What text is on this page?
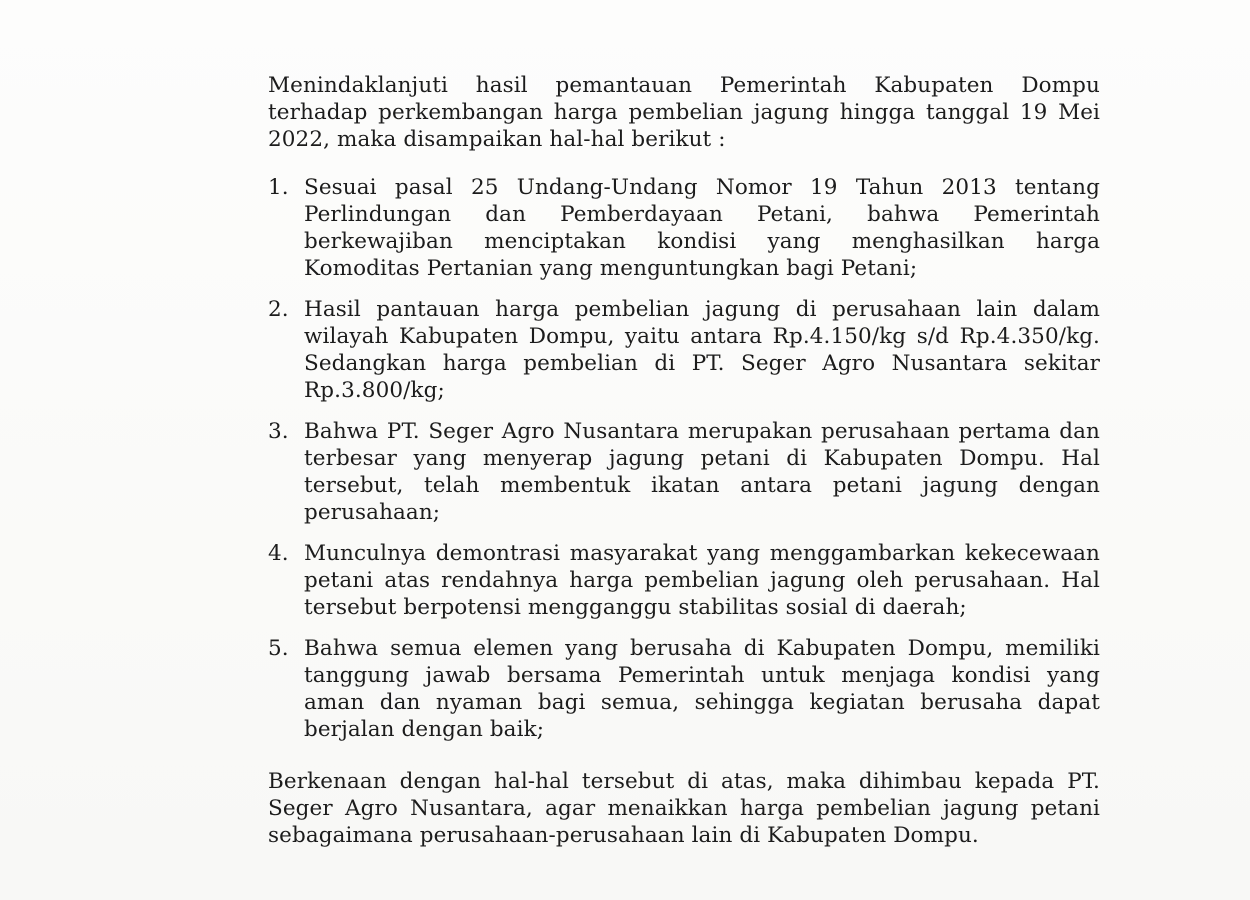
Menindaklanjuti hasil pemantauan Pemerintah Kabupaten Dompu terhadap perkembangan harga pembelian jagung hingga tanggal 19 Mei 2022, maka disampaikan hal-hal berikut :

1. Sesuai pasal 25 Undang-Undang Nomor 19 Tahun 2013 tentang Perlindungan dan Pemberdayaan Petani, bahwa Pemerintah berkewajiban menciptakan kondisi yang menghasilkan harga Komoditas Pertanian yang menguntungkan bagi Petani;
2. Hasil pantauan harga pembelian jagung di perusahaan lain dalam wilayah Kabupaten Dompu, yaitu antara Rp.4.150/kg s/d Rp.4.350/kg. Sedangkan harga pembelian di PT. Seger Agro Nusantara sekitar Rp.3.800/kg;
3. Bahwa PT. Seger Agro Nusantara merupakan perusahaan pertama dan terbesar yang menyerap jagung petani di Kabupaten Dompu. Hal tersebut, telah membentuk ikatan antara petani jagung dengan perusahaan;
4. Munculnya demontrasi masyarakat yang menggambarkan kekecewaan petani atas rendahnya harga pembelian jagung oleh perusahaan. Hal tersebut berpotensi mengganggu stabilitas sosial di daerah;
5. Bahwa semua elemen yang berusaha di Kabupaten Dompu, memiliki tanggung jawab bersama Pemerintah untuk menjaga kondisi yang aman dan nyaman bagi semua, sehingga kegiatan berusaha dapat berjalan dengan baik;

Berkenaan dengan hal-hal tersebut di atas, maka dihimbau kepada PT. Seger Agro Nusantara, agar menaikkan harga pembelian jagung petani sebagaimana perusahaan-perusahaan lain di Kabupaten Dompu.
